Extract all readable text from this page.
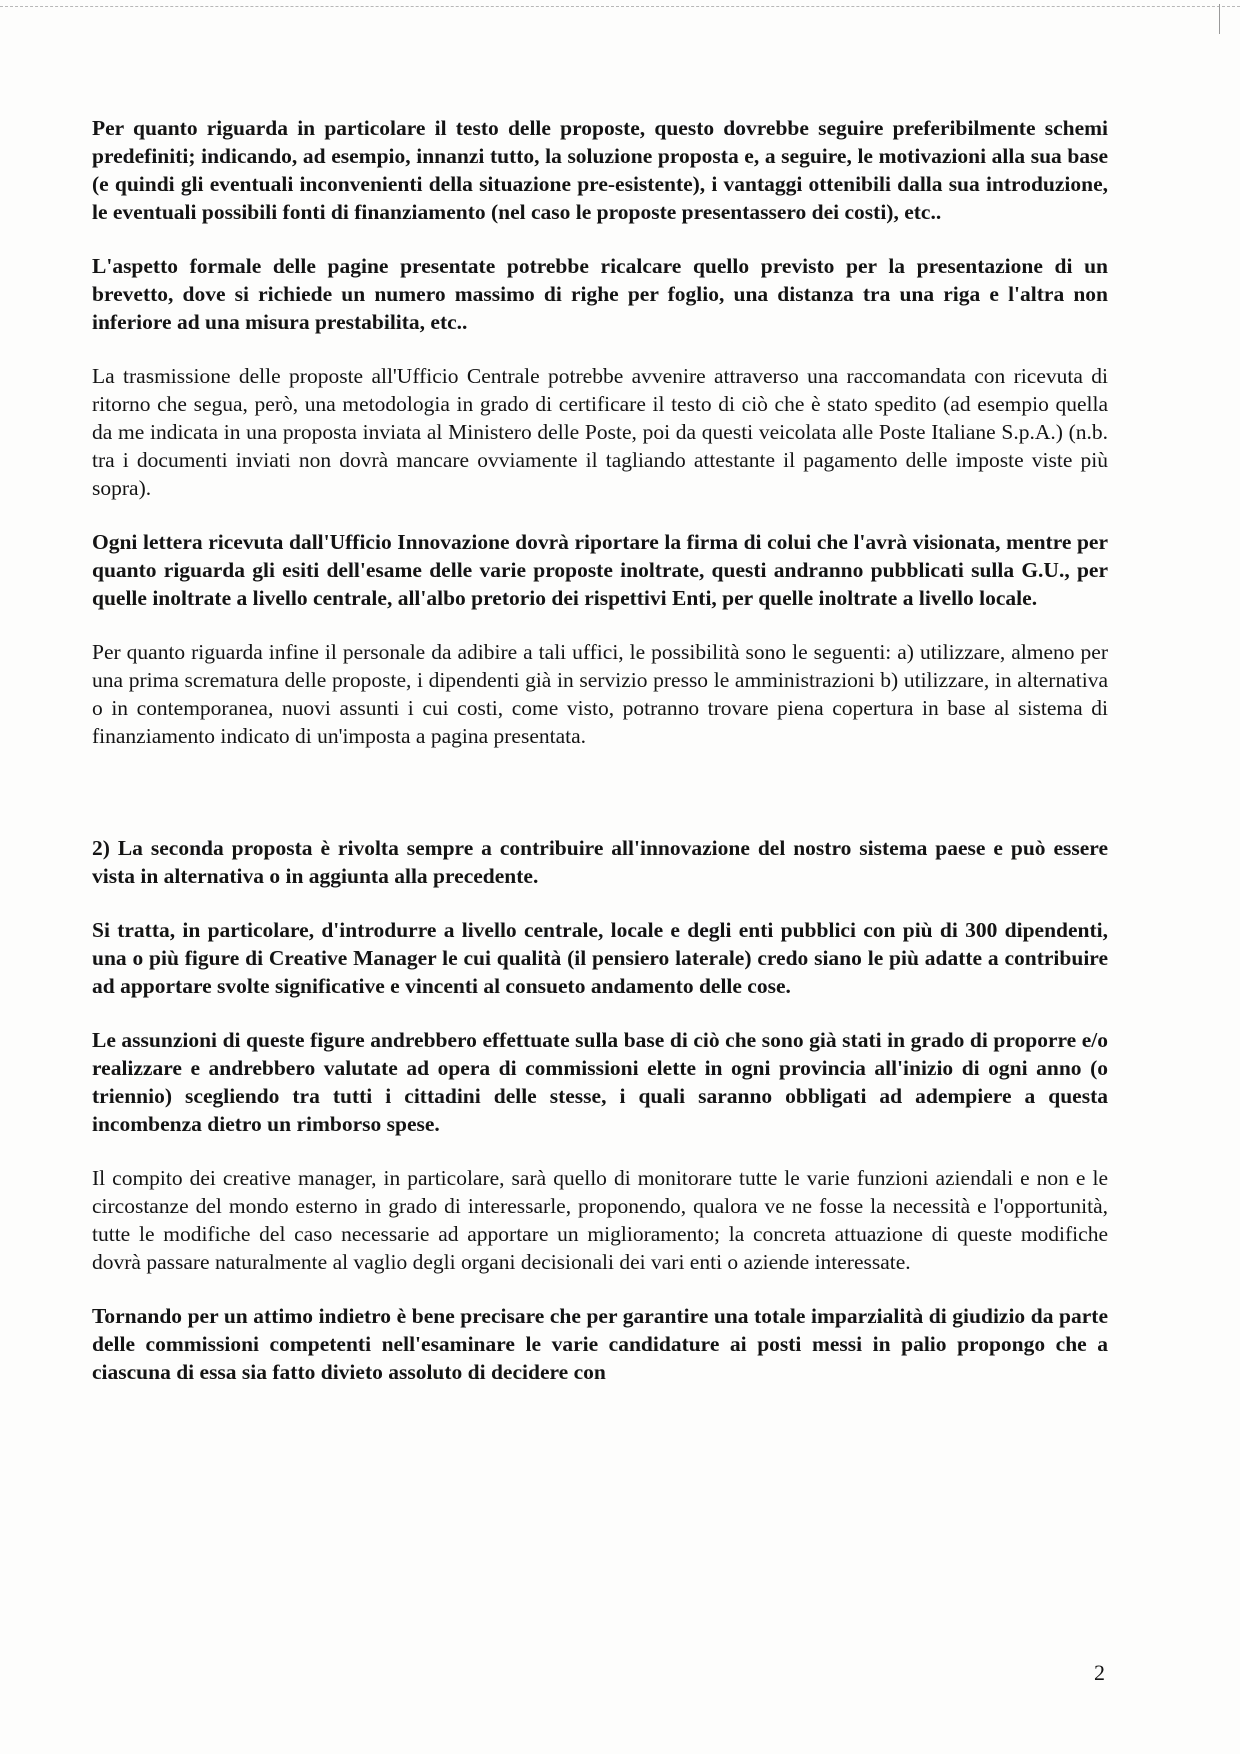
Per quanto riguarda in particolare il testo delle proposte, questo dovrebbe seguire preferibilmente schemi predefiniti; indicando, ad esempio, innanzi tutto, la soluzione proposta e, a seguire, le motivazioni alla sua base (e quindi gli eventuali inconvenienti della situazione pre-esistente), i vantaggi ottenibili dalla sua introduzione, le eventuali possibili fonti di finanziamento (nel caso le proposte presentassero dei costi), etc..

L'aspetto formale delle pagine presentate potrebbe ricalcare quello previsto per la presentazione di un brevetto, dove si richiede un numero massimo di righe per foglio, una distanza tra una riga e l'altra non inferiore ad una misura prestabilita, etc..

La trasmissione delle proposte all'Ufficio Centrale potrebbe avvenire attraverso una raccomandata con ricevuta di ritorno che segua, però, una metodologia in grado di certificare il testo di ciò che è stato spedito (ad esempio quella da me indicata in una proposta inviata al Ministero delle Poste, poi da questi veicolata alle Poste Italiane S.p.A.) (n.b. tra i documenti inviati non dovrà mancare ovviamente il tagliando attestante il pagamento delle imposte viste più sopra).

Ogni lettera ricevuta dall'Ufficio Innovazione dovrà riportare la firma di colui che l'avrà visionata, mentre per quanto riguarda gli esiti dell'esame delle varie proposte inoltrate, questi andranno pubblicati sulla G.U., per quelle inoltrate a livello centrale, all'albo pretorio dei rispettivi Enti, per quelle inoltrate a livello locale.

Per quanto riguarda infine il personale da adibire a tali uffici, le possibilità sono le seguenti: a) utilizzare, almeno per una prima scrematura delle proposte, i dipendenti già in servizio presso le amministrazioni b) utilizzare, in alternativa o in contemporanea, nuovi assunti i cui costi, come visto, potranno trovare piena copertura in base al sistema di finanziamento indicato di un'imposta a pagina presentata.

2) La seconda proposta è rivolta sempre a contribuire all'innovazione del nostro sistema paese e può essere vista in alternativa o in aggiunta alla precedente.

Si tratta, in particolare, d'introdurre a livello centrale, locale e degli enti pubblici con più di 300 dipendenti, una o più figure di Creative Manager le cui qualità (il pensiero laterale) credo siano le più adatte a contribuire ad apportare svolte significative e vincenti al consueto andamento delle cose.

Le assunzioni di queste figure andrebbero effettuate sulla base di ciò che sono già stati in grado di proporre e/o realizzare e andrebbero valutate ad opera di commissioni elette in ogni provincia all'inizio di ogni anno (o triennio) scegliendo tra tutti i cittadini delle stesse, i quali saranno obbligati ad adempiere a questa incombenza dietro un rimborso spese.

Il compito dei creative manager, in particolare, sarà quello di monitorare tutte le varie funzioni aziendali e non e le circostanze del mondo esterno in grado di interessarle, proponendo, qualora ve ne fosse la necessità e l'opportunità, tutte le modifiche del caso necessarie ad apportare un miglioramento; la concreta attuazione di queste modifiche dovrà passare naturalmente al vaglio degli organi decisionali dei vari enti o aziende interessate.

Tornando per un attimo indietro è bene precisare che per garantire una totale imparzialità di giudizio da parte delle commissioni competenti nell'esaminare le varie candidature ai posti messi in palio propongo che a ciascuna di essa sia fatto divieto assoluto di decidere con

2
